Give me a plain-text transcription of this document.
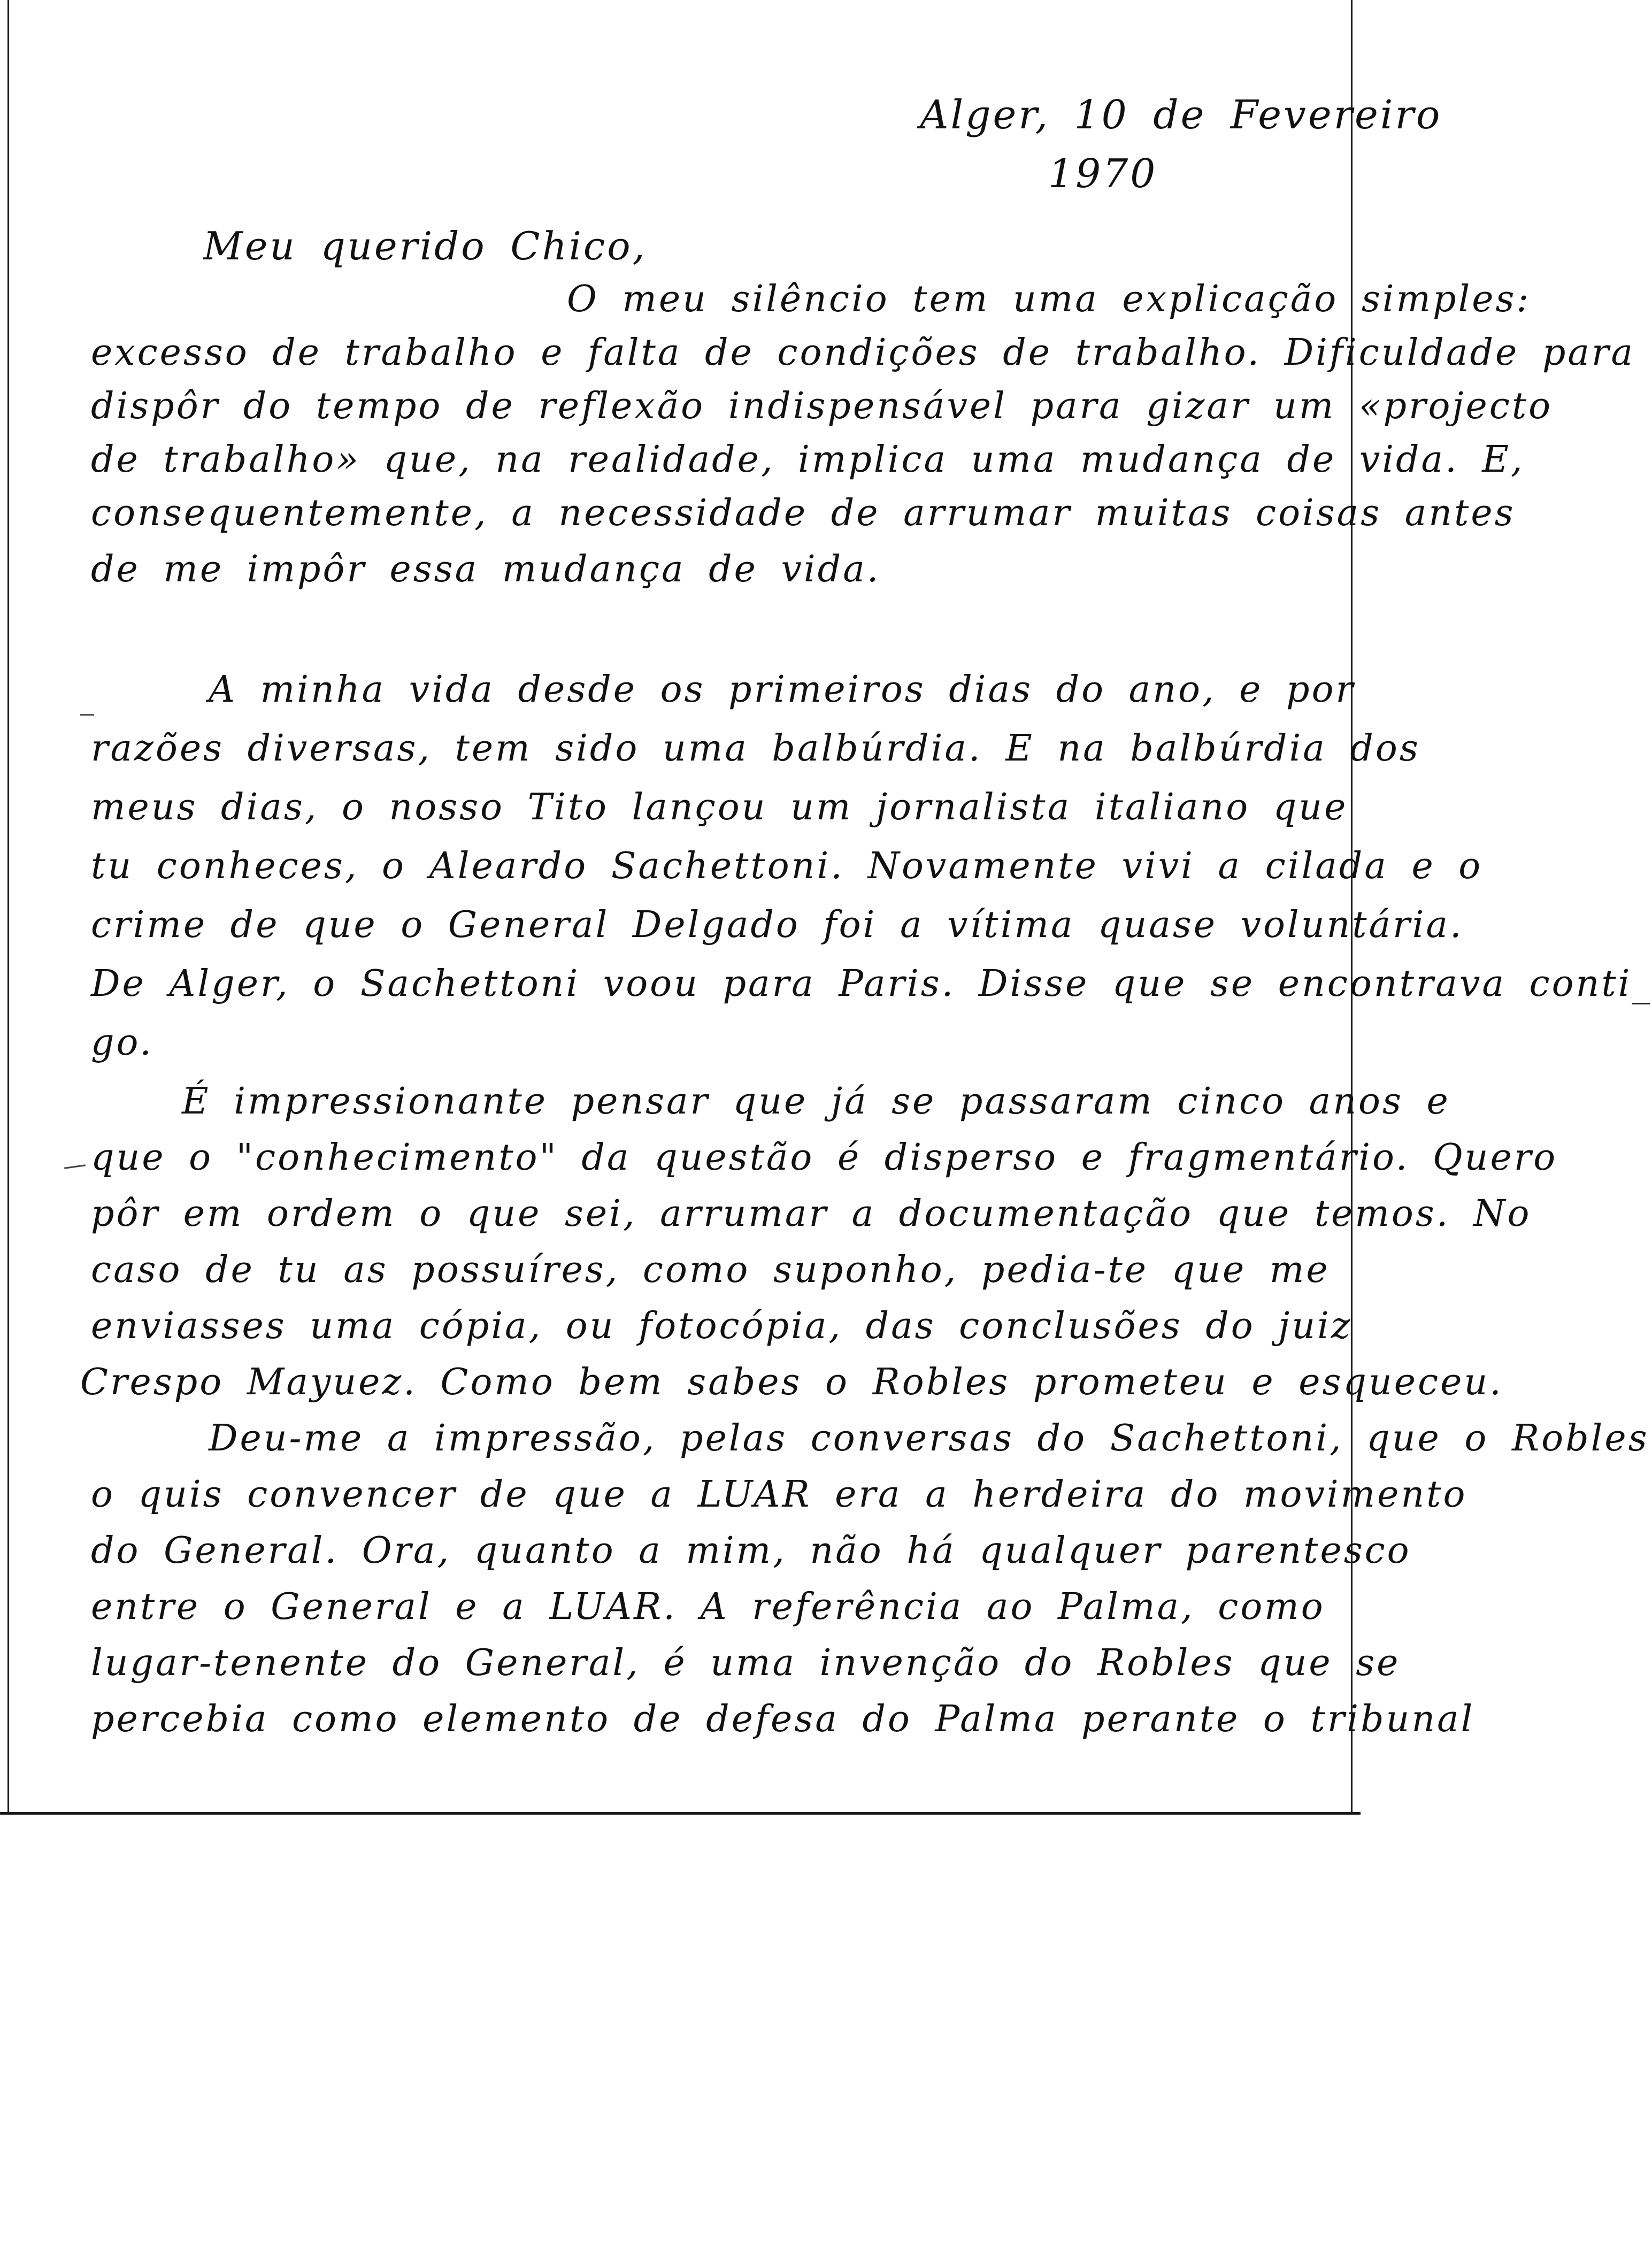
Alger, 10 de Fevereiro
1970
Meu querido Chico,
O meu silêncio tem uma explicação simples:
excesso de trabalho e falta de condições de trabalho. Dificuldade para
dispôr do tempo de reflexão indispensável para gizar um «projecto
de trabalho» que, na realidade, implica uma mudança de vida. E,
consequentemente, a necessidade de arrumar muitas coisas antes
de me impôr essa mudança de vida.
A minha vida desde os primeiros dias do ano, e por
razões diversas, tem sido uma balbúrdia. E na balbúrdia dos
meus dias, o nosso Tito lançou um jornalista italiano que
tu conheces, o Aleardo Sachettoni. Novamente vivi a cilada e o
crime de que o General Delgado foi a vítima quase voluntária.
De Alger, o Sachettoni voou para Paris. Disse que se encontrava conti_
go.
É impressionante pensar que já se passaram cinco anos e
que o "conhecimento" da questão é disperso e fragmentário. Quero
pôr em ordem o que sei, arrumar a documentação que temos. No
caso de tu as possuíres, como suponho, pedia-te que me
enviasses uma cópia, ou fotocópia, das conclusões do juiz
Crespo Mayuez. Como bem sabes o Robles prometeu e esqueceu.
Deu-me a impressão, pelas conversas do Sachettoni, que o Robles
o quis convencer de que a LUAR era a herdeira do movimento
do General. Ora, quanto a mim, não há qualquer parentesco
entre o General e a LUAR. A referência ao Palma, como
lugar-tenente do General, é uma invenção do Robles que se
percebia como elemento de defesa do Palma perante o tribunal
